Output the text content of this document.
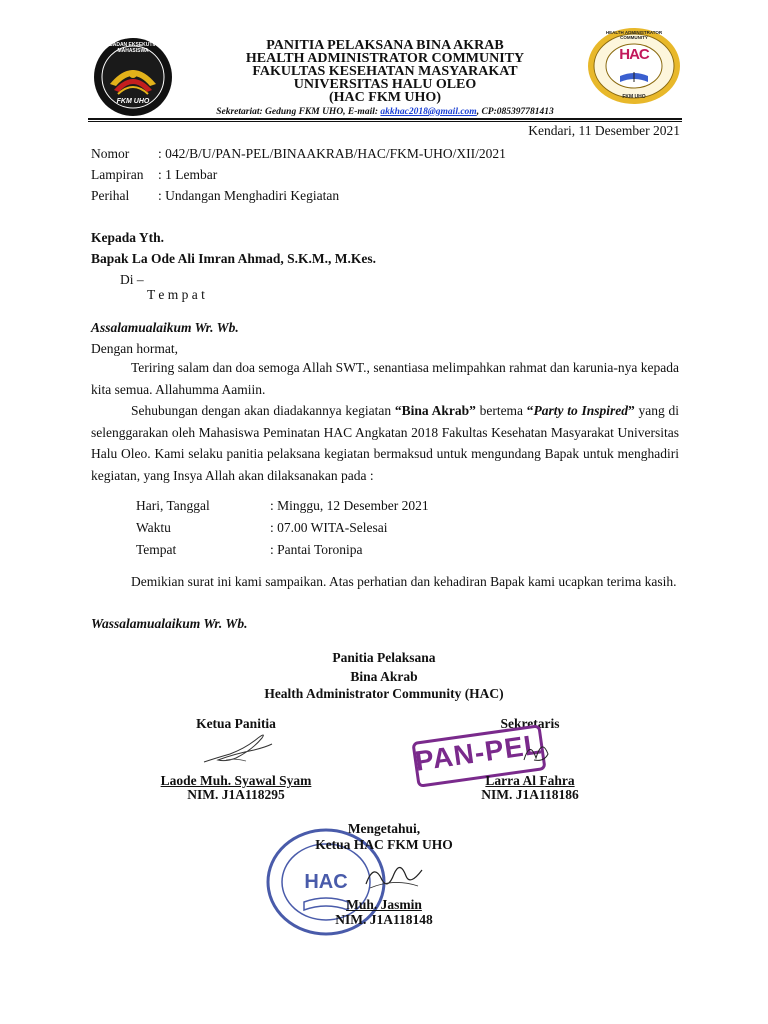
BADAN EKSEKUTIF MAHASISWA
FKM UHO
HAC
HEALTH ADMINISTRATOR COMMUNITY
FKM UHO
PANITIA PELAKSANA BINA AKRAB
HEALTH ADMINISTRATOR COMMUNITY
FAKULTAS KESEHATAN MASYARAKAT
UNIVERSITAS HALU OLEO
(HAC FKM UHO)
Sekretariat: Gedung FKM UHO, E-mail: akkhac2018@gmail.com, CP:085397781413
Kendari, 11 Desember 2021
Nomor : 042/B/U/PAN-PEL/BINAAKRAB/HAC/FKM-UHO/XII/2021
Lampiran : 1 Lembar
Perihal : Undangan Menghadiri Kegiatan
Kepada Yth.
Bapak La Ode Ali Imran Ahmad, S.K.M., M.Kes.
Di –
T e m p a t
Assalamualaikum Wr. Wb.
Dengan hormat,
Teriring salam dan doa semoga Allah SWT., senantiasa melimpahkan rahmat dan karunia-nya kepada kita semua. Allahumma Aamiin.
Sehubungan dengan akan diadakannya kegiatan “Bina Akrab” bertema “Party to Inspired” yang di selenggarakan oleh Mahasiswa Peminatan HAC Angkatan 2018 Fakultas Kesehatan Masyarakat Universitas Halu Oleo. Kami selaku panitia pelaksana kegiatan bermaksud untuk mengundang Bapak untuk menghadiri kegiatan, yang Insya Allah akan dilaksanakan pada :
Hari, Tanggal	: Minggu, 12 Desember 2021
Waktu	: 07.00 WITA-Selesai
Tempat	: Pantai Toronipa
Demikian surat ini kami sampaikan. Atas perhatian dan kehadiran Bapak kami ucapkan terima kasih.
Wassalamualaikum Wr. Wb.
Panitia Pelaksana
Bina Akrab
Health Administrator Community (HAC)
Ketua Panitia	Sekretaris
PAN-PEL
Laode Muh. Syawal Syam
NIM. J1A118295
Larra Al Fahra
NIM. J1A118186
HAC
Mengetahui,
Ketua HAC FKM UHO
Muh. Jasmin
NIM. J1A118148
